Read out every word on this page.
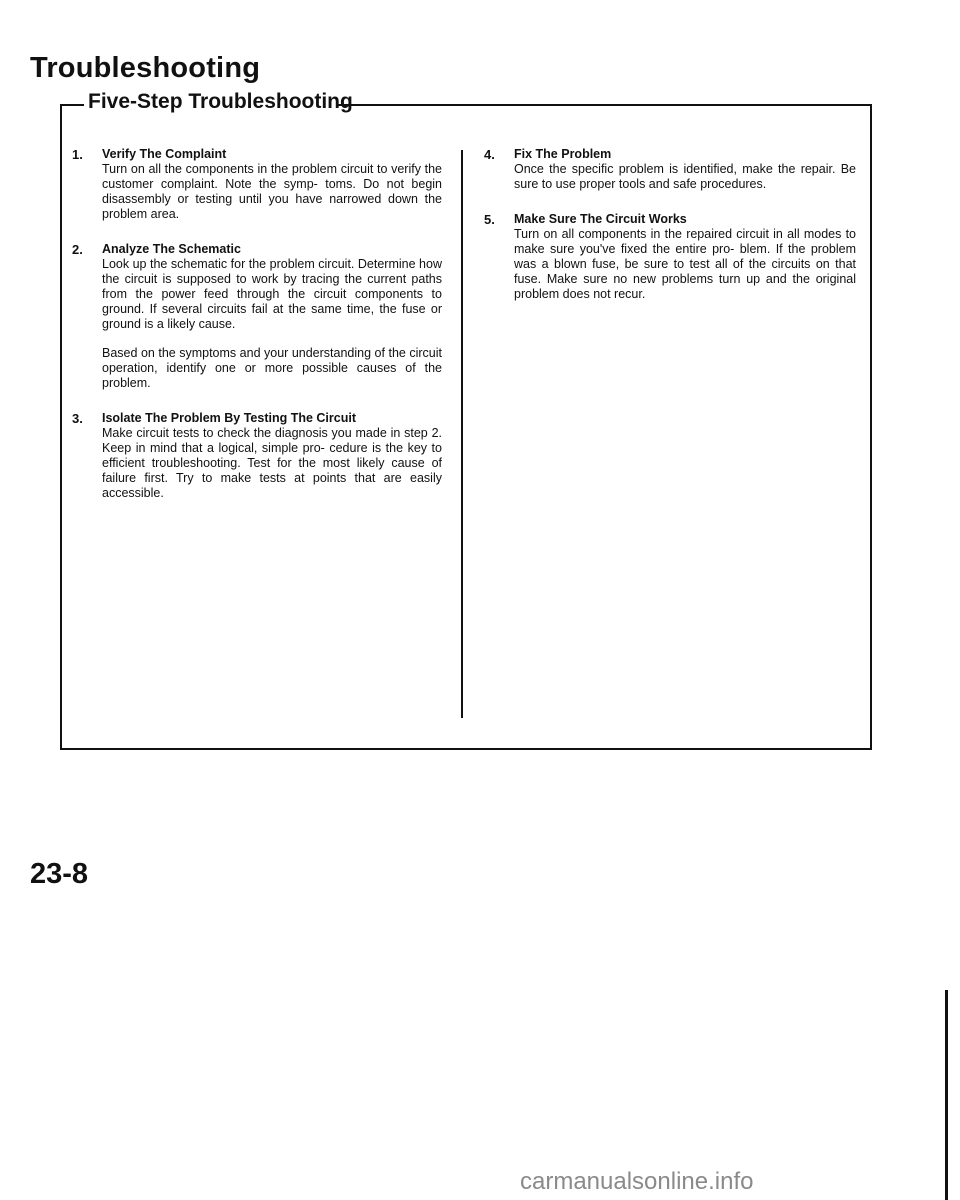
Troubleshooting
Five-Step Troubleshooting
1.	Verify The Complaint

Turn on all the components in the problem circuit to verify the customer complaint. Note the symp- toms. Do not begin disassembly or testing until you have narrowed down the problem area.

2.	Analyze The Schematic

Look up the schematic for the problem circuit. Determine how the circuit is supposed to work by tracing the current paths from the power feed through the circuit components to ground. If several circuits fail at the same time, the fuse or ground is a likely cause.

Based on the symptoms and your understanding of the circuit operation, identify one or more possible causes of the problem.

3.	Isolate The Problem By Testing The Circuit

Make circuit tests to check the diagnosis you made in step 2. Keep in mind that a logical, simple pro- cedure is the key to efficient troubleshooting. Test for the most likely cause of failure first. Try to make tests at points that are easily accessible.

4.	Fix The Problem

Once the specific problem is identified, make the repair. Be sure to use proper tools and safe procedures.

5.	Make Sure The Circuit Works

Turn on all components in the repaired circuit in all modes to make sure you've fixed the entire pro- blem. If the problem was a blown fuse, be sure to test all of the circuits on that fuse. Make sure no new problems turn up and the original problem does not recur.

23-8
carmanualsonline.info
